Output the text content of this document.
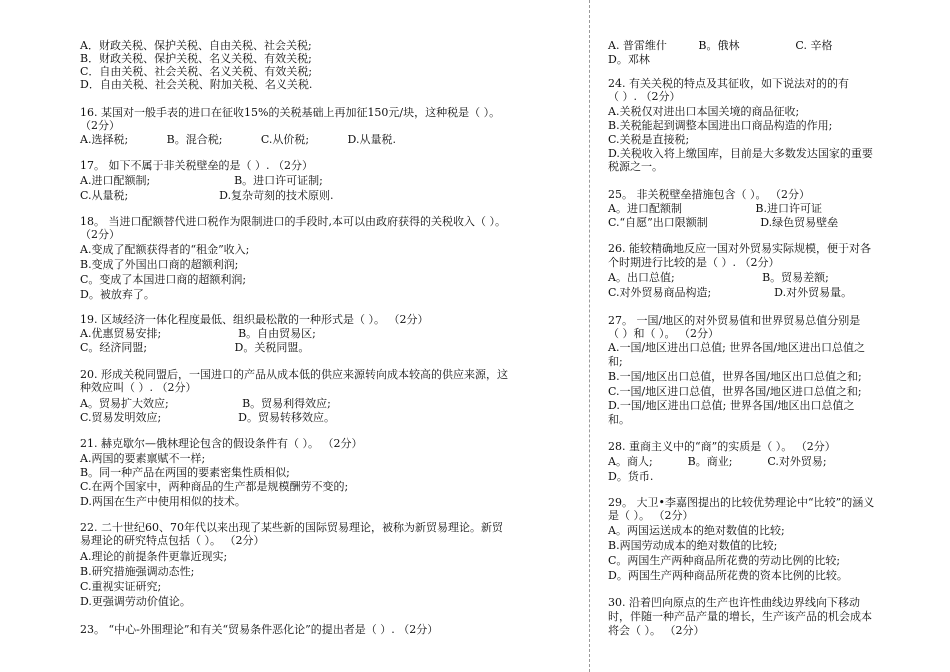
A．财政关税、保护关税、自由关税、社会关税;
B．财政关税、保护关税、名义关税、有效关税;
C．自由关税、社会关税、名义关税、有效关税;
D．自由关税、社会关税、附加关税、名义关税.
16. 某国对一般手表的进口在征收15%的关税基础上再加征150元/块，这种税是（ ）。
（2分）
A.选择税;           B。混合税;           C.从价税;           D.从量税.
17。 如下不属于非关税壁垒的是（ ）. （2分）
A.进口配额制;                        B。进口许可证制;
C.从量税;                          D.复杂苛刻的技术原则.
18。 当进口配额替代进口税作为限制进口的手段时,本可以由政府获得的关税收入（ ）。
（2分）
A.变成了配额获得者的“租金”收入;
B.变成了外国出口商的超额利润;
C。变成了本国进口商的超额利润;
D。被放弃了。
19. 区域经济一体化程度最低、组织最松散的一种形式是（ ）。 （2分）
A.优惠贸易安排;                      B。自由贸易区;
C。经济同盟;                         D。关税同盟。
20. 形成关税同盟后，一国进口的产品从成本低的供应来源转向成本较高的供应来源，这
种效应叫（ ）. （2分）
A。贸易扩大效应;                     B。贸易利得效应;
C.贸易发明效应;                      D。贸易转移效应。
21. 赫克歇尔—俄林理论包含的假设条件有（ ）。 （2分）
A.两国的要素禀赋不一样;
B。同一种产品在两国的要素密集性质相似;
C.在两个国家中，两种商品的生产都是规模酬劳不变的;
D.两国在生产中使用相似的技术。
22. 二十世纪60、70年代以来出现了某些新的国际贸易理论，被称为新贸易理论。新贸
易理论的研究特点包括（ ）。 （2分）
A.理论的前提条件更靠近现实;
B.研究措施强调动态性;
C.重视实证研究;
D.更强调劳动价值论。
23。 “中心-外围理论”和有关“贸易条件恶化论”的提出者是（ ）. （2分）
A. 普雷维什         B。俄林                C. 辛格
D。邓林
24. 有关关税的特点及其征收，如下说法对的的有
（ ）. （2分）
A.关税仅对进出口本国关境的商品征收;
B.关税能起到调整本国进出口商品构造的作用;
C.关税是直接税;
D.关税收入将上缴国库，目前是大多数发达国家的重要
税源之一。
25。 非关税壁垒措施包含（ ）。 （2分）
A。进口配额制                     B.进口许可证
C.“自愿”出口限额制               D.绿色贸易壁垒
26. 能较精确地反应一国对外贸易实际规模，便于对各
个时期进行比较的是（ ）. （2分）
A。出口总值;                         B。贸易差额;
C.对外贸易商品构造;                  D.对外贸易量。
27。 一国/地区的对外贸易值和世界贸易总值分别是
（ ）和（ ）。 （2分）
A.一国/地区进出口总值; 世界各国/地区进出口总值之
和;
B.一国/地区出口总值，世界各国/地区出口总值之和;
C.一国/地区进口总值，世界各国/地区进口总值之和;
D.一国/地区进出口总值; 世界各国/地区出口总值之
和。
28. 重商主义中的“商”的实质是（ ）。 （2分）
A。商人;          B。商业;          C.对外贸易;
D。货币.
29。 大卫•李嘉图提出的比较优势理论中“比较”的涵义
是（ ）。 （2分）
A。两国运送成本的绝对数值的比较;
B.两国劳动成本的绝对数值的比较;
C。两国生产两种商品所花费的劳动比例的比较;
D。两国生产两种商品所花费的资本比例的比较。
30. 沿着凹向原点的生产也许性曲线边界线向下移动
时，伴随一种产品产量的增长，生产该产品的机会成本
将会（ ）。 （2分）
